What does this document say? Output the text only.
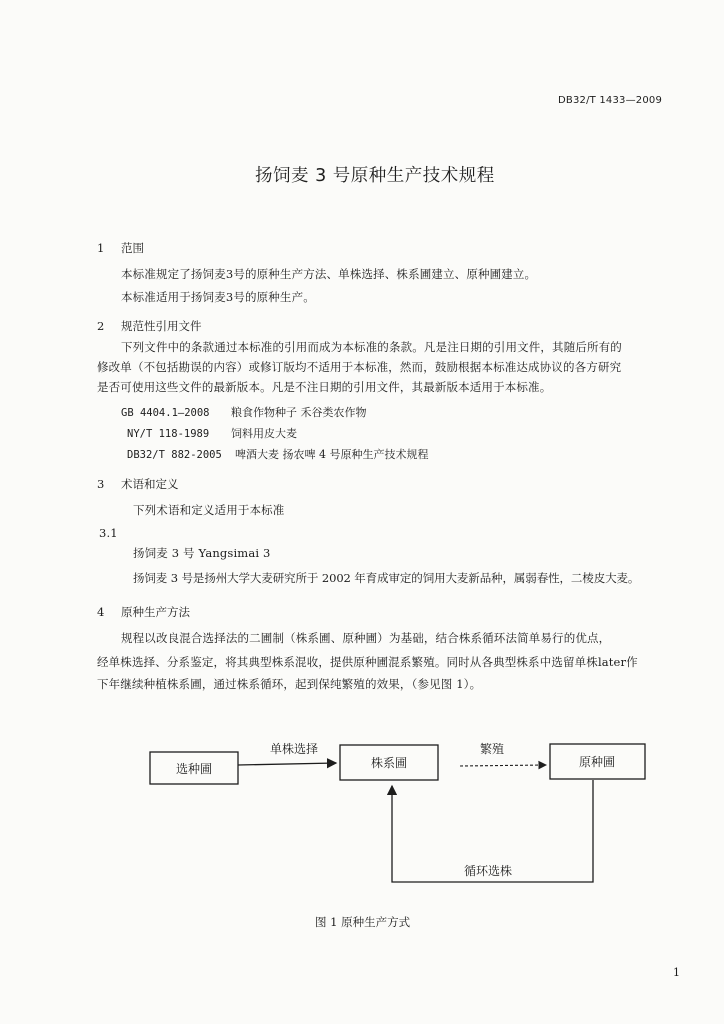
DB32/T 1433—2009
扬饲麦 3 号原种生产技术规程
1 范围
本标准规定了扬饲麦3号的原种生产方法、单株选择、株系圃建立、原种圃建立。
本标准适用于扬饲麦3号的原种生产。
2 规范性引用文件
下列文件中的条款通过本标准的引用而成为本标准的条款。凡是注日期的引用文件，其随后所有的
修改单（不包括勘误的内容）或修订版均不适用于本标准，然而，鼓励根据本标准达成协议的各方研究
是否可使用这些文件的最新版本。凡是不注日期的引用文件，其最新版本适用于本标准。
GB 4404.1—2008 粮食作物种子 禾谷类农作物
NY/T 118-1989 饲料用皮大麦
DB32/T 882-2005 啤酒大麦 扬农啤 4 号原种生产技术规程
3 术语和定义
下列术语和定义适用于本标准
3.1
扬饲麦 3 号 Yangsimai 3
扬饲麦 3 号是扬州大学大麦研究所于 2002 年育成审定的饲用大麦新品种，属弱春性，二棱皮大麦。
4 原种生产方法
规程以改良混合选择法的二圃制（株系圃、原种圃）为基础，结合株系循环法简单易行的优点，
经单株选择、分系鉴定，将其典型株系混收，提供原种圃混系繁殖。同时从各典型株系中选留单株later作
下年继续种植株系圃，通过株系循环，起到保纯繁殖的效果，（参见图 1）。
选种圃	株系圃	原种圃
单株选择	繁殖
循环选株
图 1 原种生产方式
1
